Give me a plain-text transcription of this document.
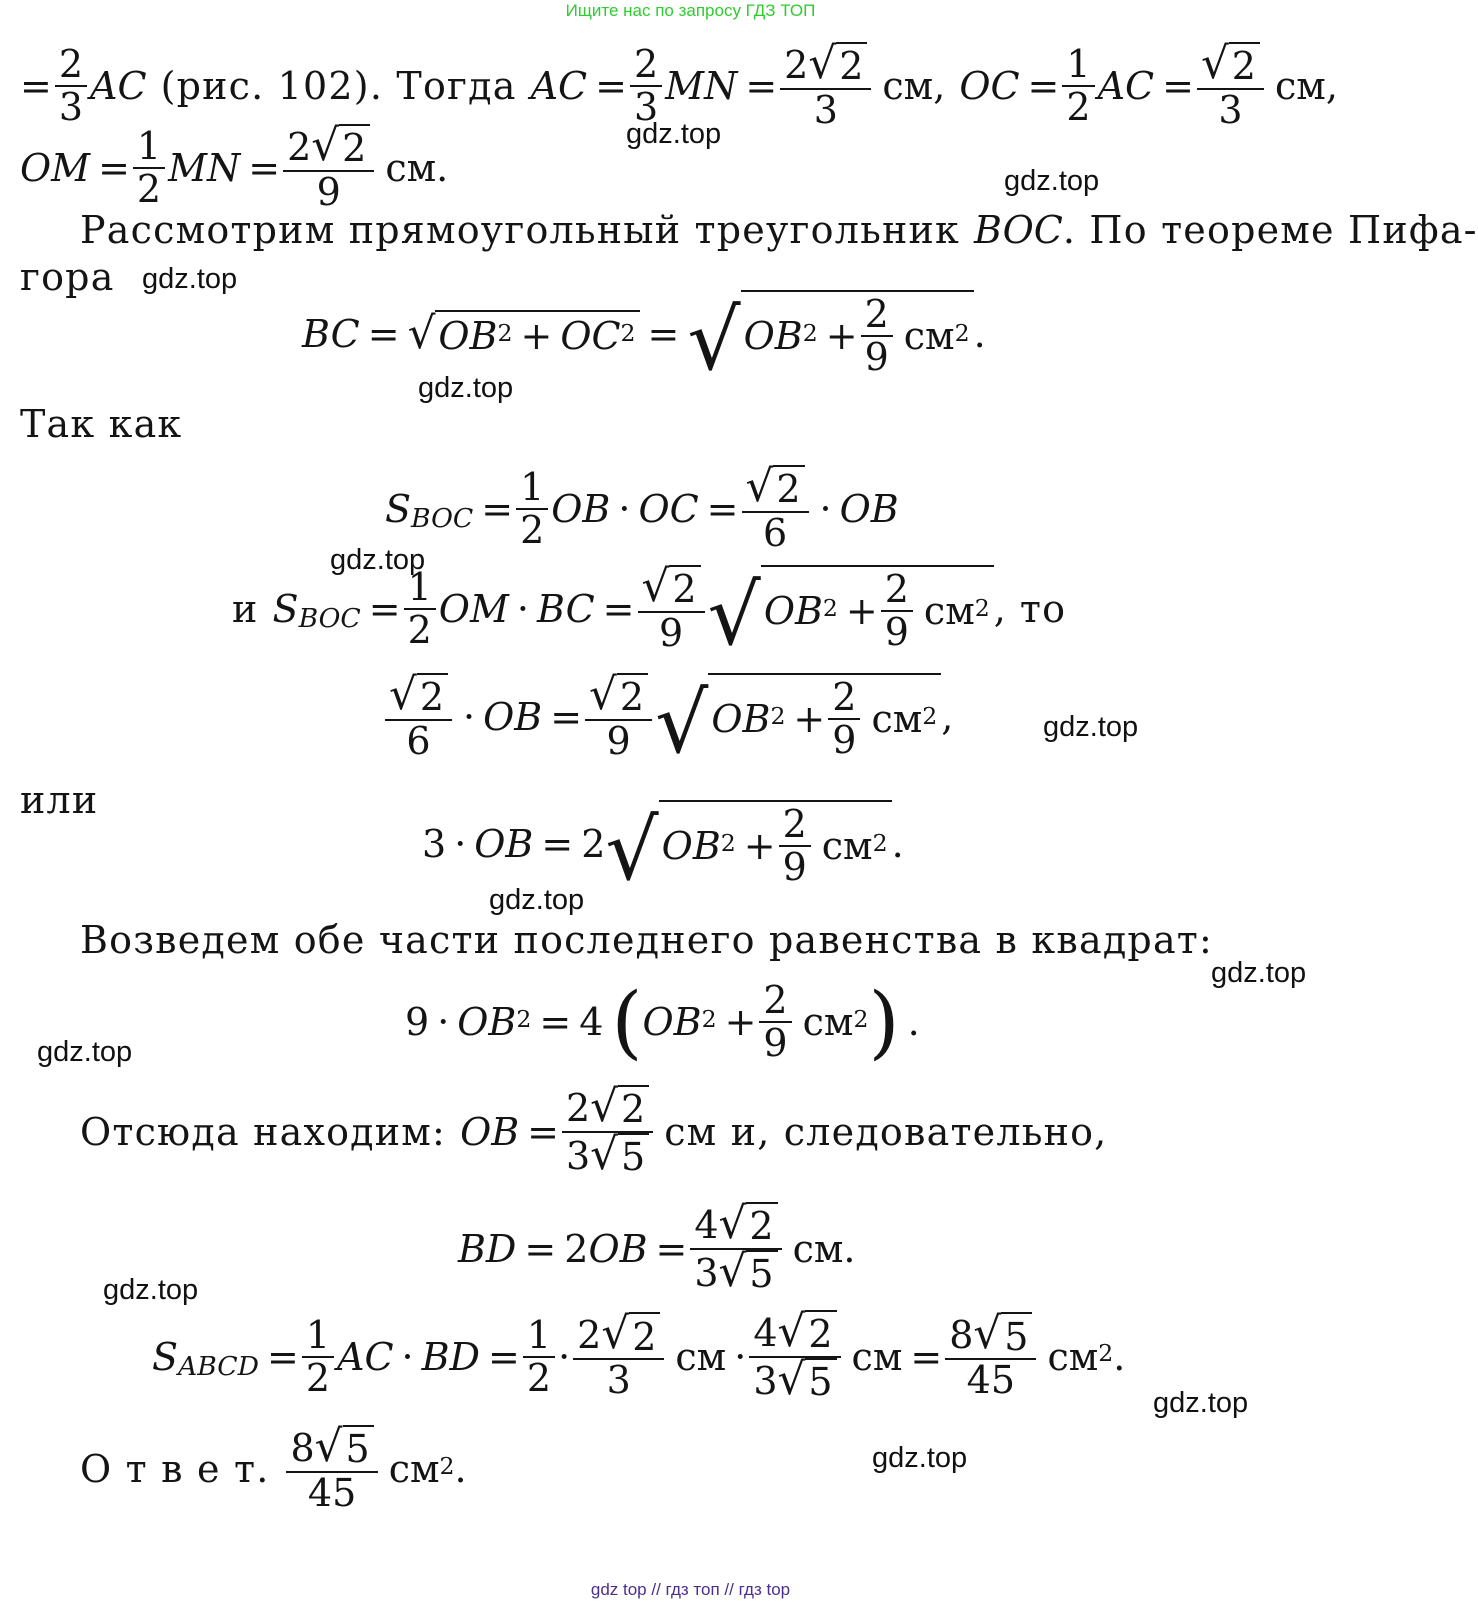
Ищите нас по запросу ГДЗ ТОП
= $\frac{2}{3}$ AC (рис. 102). Тогда AC = $\frac{2}{3}$ MN = $\frac{2 √ 2}{3}$ см, OC = $\frac{1}{2}$ AC = $\frac{√ 2}{3}$ см,
OM = $\frac{1}{2}$ MN = $\frac{2 √ 2}{9}$ см.
Рассмотрим прямоугольный треугольник BOC . По теореме Пифа-
гора
BC = √ OB 2 + OC 2 = √ OB $2 + \frac{2}{9}$ см 2 .
Так как
S BOC = $\frac{1}{2}$ OB · OC = $\frac{√ 2}{6}$ · OB
и S BOC = $\frac{1}{2}$ OM · BC = $\frac{√ 2}{9}$ √ OB $2 + \frac{2}{9}$ см 2 , то
$\frac{√ 2}{6}$ · OB = $\frac{√ 2}{9}$ √ OB $2 + \frac{2}{9}$ см 2 ,
или
3 · OB = 2 √ OB $2 + \frac{2}{9}$ см 2 .
Возведем обе части последнего равенства в квадрат:
9 · OB 2 = 4 ( OB $2 + \frac{2}{9}$ см 2 ) .
Отсюда находим: OB = $\frac{2 √ 2}{3 √ 5}$ см и, следовательно,
BD = 2 OB = $\frac{4 √ 2}{3 √ 5}$ см.
S ABCD = $\frac{1}{2}$ AC · BD = $\frac{1}{2} \cdot \frac{2 √ 2}{3}$ см · $\frac{4 √ 2}{3 √ 5}$ см = $\frac{8 √ 5}{45}$ см 2 .
О т в е т. $\frac{8 √ 5}{45}$ см 2 .
gdz.top
gdz.top
gdz.top
gdz.top
gdz.top
gdz.top
gdz.top
gdz.top
gdz.top
gdz.top
gdz.top
gdz.top
gdz top // гдз топ // гдз top
